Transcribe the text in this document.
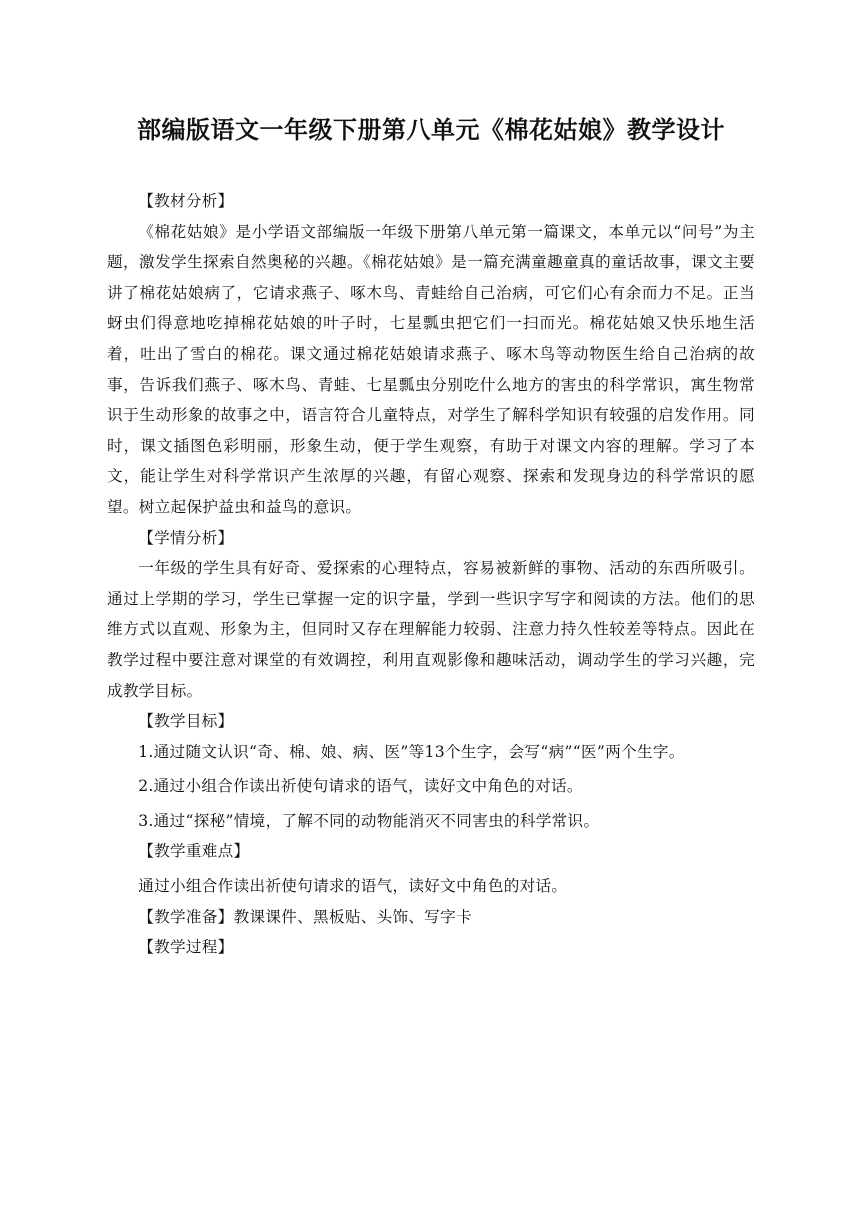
部编版语文一年级下册第八单元《棉花姑娘》教学设计

【教材分析】

《棉花姑娘》是小学语文部编版一年级下册第八单元第一篇课文，本单元以“问号”为主题，激发学生探索自然奥秘的兴趣。《棉花姑娘》是一篇充满童趣童真的童话故事，课文主要讲了棉花姑娘病了，它请求燕子、啄木鸟、青蛙给自己治病，可它们心有余而力不足。正当蚜虫们得意地吃掉棉花姑娘的叶子时，七星瓢虫把它们一扫而光。棉花姑娘又快乐地生活着，吐出了雪白的棉花。课文通过棉花姑娘请求燕子、啄木鸟等动物医生给自己治病的故事，告诉我们燕子、啄木鸟、青蛙、七星瓢虫分别吃什么地方的害虫的科学常识，寓生物常识于生动形象的故事之中，语言符合儿童特点，对学生了解科学知识有较强的启发作用。同时，课文插图色彩明丽，形象生动，便于学生观察，有助于对课文内容的理解。学习了本文，能让学生对科学常识产生浓厚的兴趣，有留心观察、探索和发现身边的科学常识的愿望。树立起保护益虫和益鸟的意识。

【学情分析】

一年级的学生具有好奇、爱探索的心理特点，容易被新鲜的事物、活动的东西所吸引。通过上学期的学习，学生已掌握一定的识字量，学到一些识字写字和阅读的方法。他们的思维方式以直观、形象为主，但同时又存在理解能力较弱、注意力持久性较差等特点。因此在教学过程中要注意对课堂的有效调控，利用直观影像和趣味活动，调动学生的学习兴趣，完成教学目标。

【教学目标】

1.通过随文认识“奇、棉、娘、病、医”等13个生字，会写“病”“医”两个生字。

2.通过小组合作读出祈使句请求的语气，读好文中角色的对话。

3.通过“探秘”情境，了解不同的动物能消灭不同害虫的科学常识。

【教学重难点】

通过小组合作读出祈使句请求的语气，读好文中角色的对话。

【教学准备】教课课件、黑板贴、头饰、写字卡

【教学过程】
